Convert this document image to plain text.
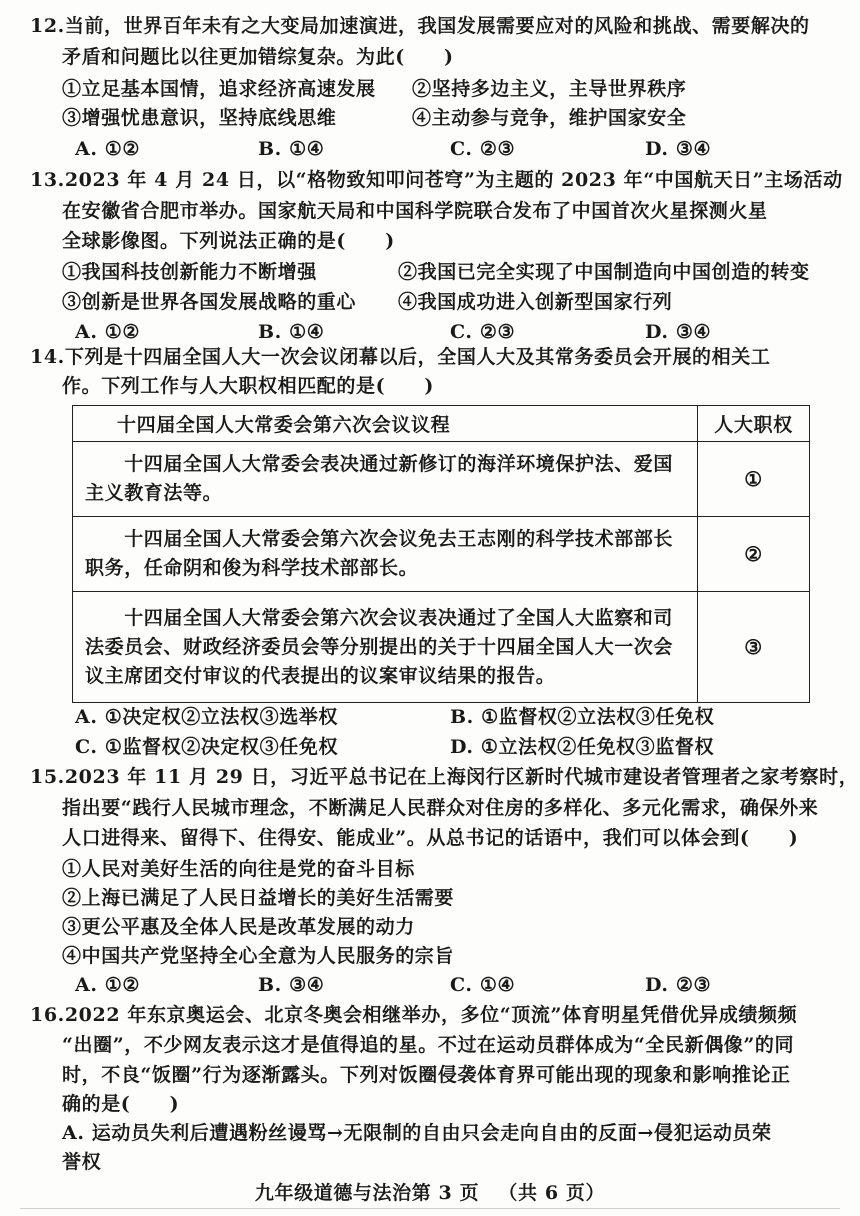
12.当前，世界百年未有之大变局加速演进，我国发展需要应对的风险和挑战、需要解决的
矛盾和问题比以往更加错综复杂。为此(　　)
①立足基本国情，追求经济高速发展 ②坚持多边主义，主导世界秩序
③增强忧患意识，坚持底线思维	④主动参与竞争，维护国家安全
A. ①②	B. ①④	C. ②③	D. ③④
13.2023 年 4 月 24 日，以“格物致知叩问苍穹”为主题的 2023 年“中国航天日”主场活动
在安徽省合肥市举办。国家航天局和中国科学院联合发布了中国首次火星探测火星
全球影像图。下列说法正确的是(　　)
①我国科技创新能力不断增强	②我国已完全实现了中国制造向中国创造的转变
③创新是世界各国发展战略的重心 ④我国成功进入创新型国家行列
A. ①②	B. ①④	C. ②③	D. ③④
14.下列是十四届全国人大一次会议闭幕以后，全国人大及其常务委员会开展的相关工
作。下列工作与人大职权相匹配的是(　　)
十四届全国人大常委会第六次会议议程	人大职权
　　十四届全国人大常委会表决通过新修订的海洋环境保护法、爱国主义教育法等。	①
　　十四届全国人大常委会第六次会议免去王志刚的科学技术部部长职务，任命阴和俊为科学技术部部长。	②
　　十四届全国人大常委会第六次会议表决通过了全国人大监察和司法委员会、财政经济委员会等分别提出的关于十四届全国人大一次会议主席团交付审议的代表提出的议案审议结果的报告。	③
A. ①决定权②立法权③选举权	B. ①监督权②立法权③任免权
C. ①监督权②决定权③任免权	D. ①立法权②任免权③监督权
15.2023 年 11 月 29 日，习近平总书记在上海闵行区新时代城市建设者管理者之家考察时，
指出要“践行人民城市理念，不断满足人民群众对住房的多样化、多元化需求，确保外来
人口进得来、留得下、住得安、能成业”。从总书记的话语中，我们可以体会到(　　)
①人民对美好生活的向往是党的奋斗目标
②上海已满足了人民日益增长的美好生活需要
③更公平惠及全体人民是改革发展的动力
④中国共产党坚持全心全意为人民服务的宗旨
A. ①②	B. ③④	C. ①④	D. ②③
16.2022 年东京奥运会、北京冬奥会相继举办，多位“顶流”体育明星凭借优异成绩频频
“出圈”，不少网友表示这才是值得追的星。不过在运动员群体成为“全民新偶像”的同
时，不良“饭圈”行为逐渐露头。下列对饭圈侵袭体育界可能出现的现象和影响推论正
确的是(　　)
A. 运动员失利后遭遇粉丝谩骂→无限制的自由只会走向自由的反面→侵犯运动员荣
九年级道德与法治第 3 页 （共 6 页）
誉权
